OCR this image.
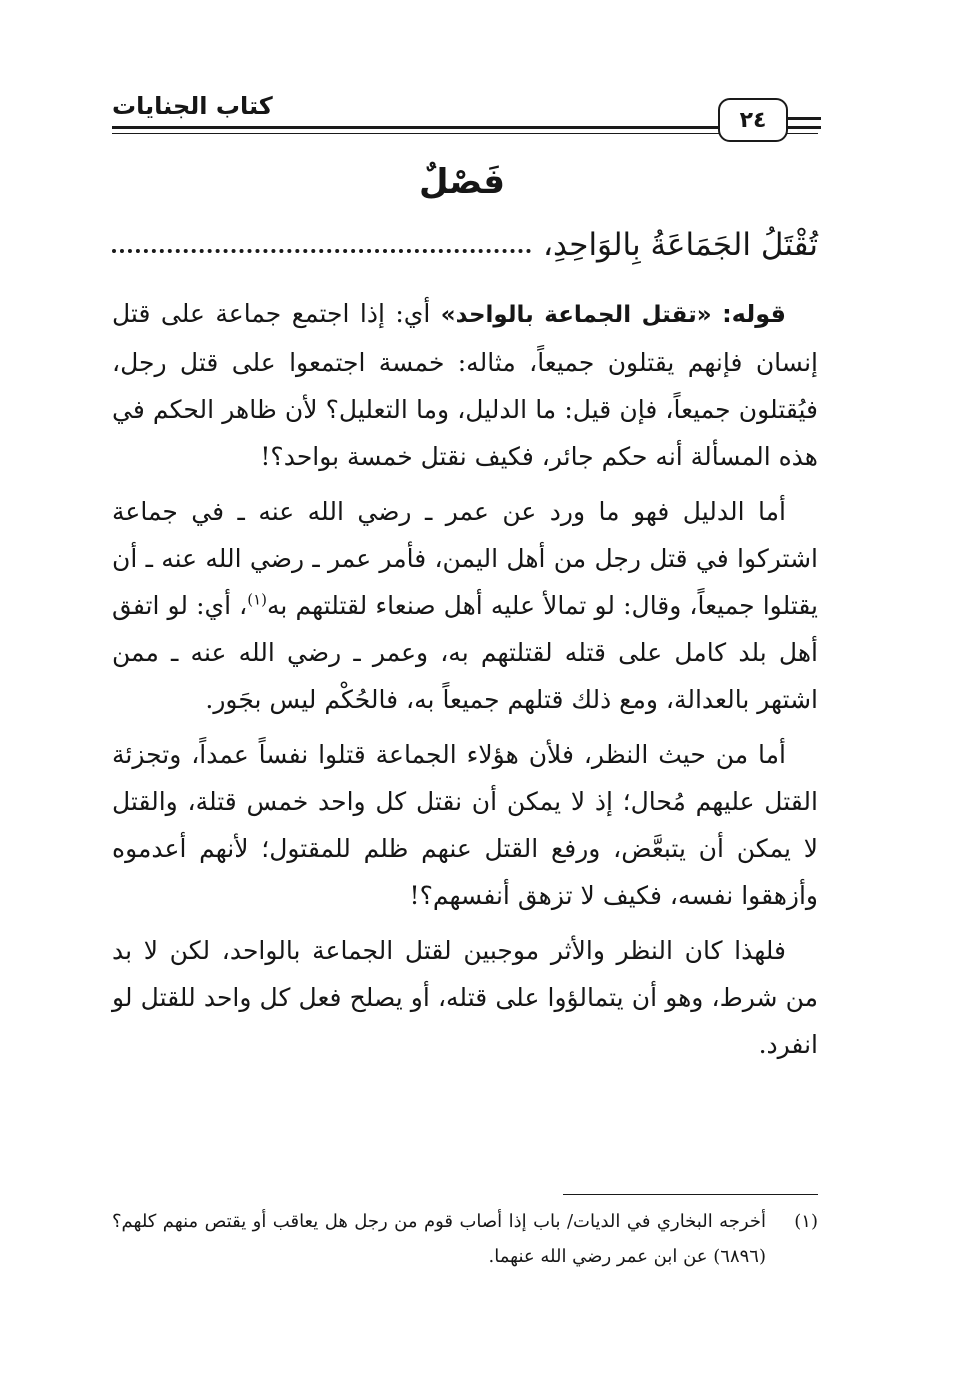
كتاب الجنايات	٢٤
فَصْلٌ
تُقْتَلُ الجَمَاعَةُ بِالوَاحِدِ،

قوله: «تقتل الجماعة بالواحد» أي: إذا اجتمع جماعة على قتل إنسان فإنهم يقتلون جميعاً، مثاله: خمسة اجتمعوا على قتل رجل، فيُقتلون جميعاً، فإن قيل: ما الدليل، وما التعليل؟ لأن ظاهر الحكم في هذه المسألة أنه حكم جائر، فكيف نقتل خمسة بواحد؟!

أما الدليل فهو ما ورد عن عمر ـ رضي الله عنه ـ في جماعة اشتركوا في قتل رجل من أهل اليمن، فأمر عمر ـ رضي الله عنه ـ أن يقتلوا جميعاً، وقال: لو تمالأ عليه أهل صنعاء لقتلتهم به$^{(١)}$، أي: لو اتفق أهل بلد كامل على قتله لقتلتهم به، وعمر ـ رضي الله عنه ـ ممن اشتهر بالعدالة، ومع ذلك قتلهم جميعاً به، فالحُكْم ليس بجَور.

أما من حيث النظر، فلأن هؤلاء الجماعة قتلوا نفساً عمداً، وتجزئة القتل عليهم مُحال؛ إذ لا يمكن أن نقتل كل واحد خمس قتلة، والقتل لا يمكن أن يتبعَّض، ورفع القتل عنهم ظلم للمقتول؛ لأنهم أعدموه وأزهقوا نفسه، فكيف لا تزهق أنفسهم؟!

فلهذا كان النظر والأثر موجبين لقتل الجماعة بالواحد، لكن لا بد من شرط، وهو أن يتمالؤوا على قتله، أو يصلح فعل كل واحد للقتل لو انفرد.

(١)
أخرجه البخاري في الديات/ باب إذا أصاب قوم من رجل هل يعاقب أو يقتص منهم كلهم؟ (٦٨٩٦) عن ابن عمر رضي الله عنهما.
